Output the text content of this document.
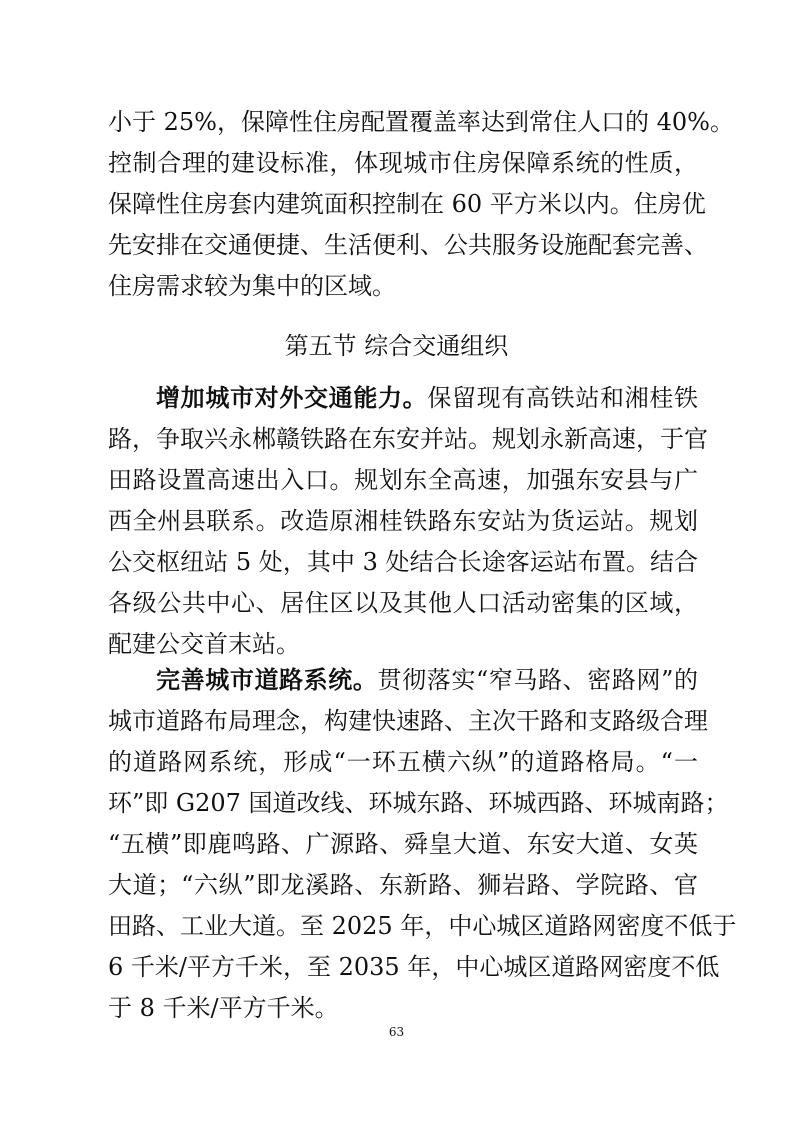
小于 25%，保障性住房配置覆盖率达到常住人口的 40%。
控制合理的建设标准，体现城市住房保障系统的性质，
保障性住房套内建筑面积控制在 60 平方米以内。住房优
先安排在交通便捷、生活便利、公共服务设施配套完善、
住房需求较为集中的区域。
第五节 综合交通组织
增加城市对外交通能力。保留现有高铁站和湘桂铁
路，争取兴永郴赣铁路在东安并站。规划永新高速，于官
田路设置高速出入口。规划东全高速，加强东安县与广
西全州县联系。改造原湘桂铁路东安站为货运站。规划
公交枢纽站 5 处，其中 3 处结合长途客运站布置。结合
各级公共中心、居住区以及其他人口活动密集的区域，
配建公交首末站。
完善城市道路系统。贯彻落实“窄马路、密路网”的
城市道路布局理念，构建快速路、主次干路和支路级合理
的道路网系统，形成“一环五横六纵”的道路格局。“一
环”即 G207 国道改线、环城东路、环城西路、环城南路；
“五横”即鹿鸣路、广源路、舜皇大道、东安大道、女英
大道；“六纵”即龙溪路、东新路、狮岩路、学院路、官
田路、工业大道。至 2025 年，中心城区道路网密度不低于
6 千米/平方千米，至 2035 年，中心城区道路网密度不低
于 8 千米/平方千米。
63
